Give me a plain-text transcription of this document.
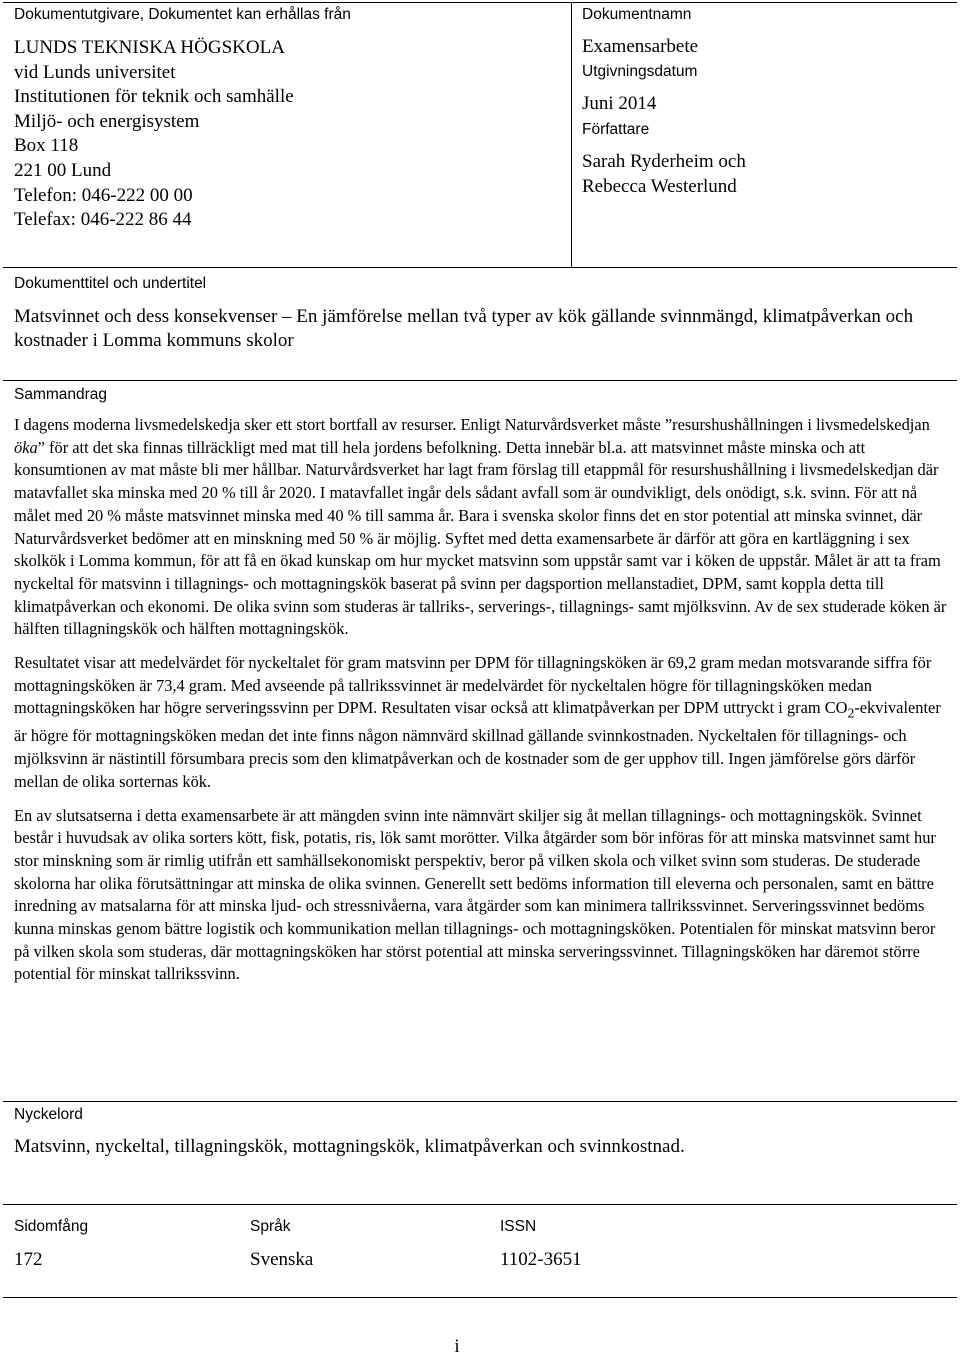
Dokumentutgivare, Dokumentet kan erhållas från
LUNDS TEKNISKA HÖGSKOLA
vid Lunds universitet
Institutionen för teknik och samhälle
Miljö- och energisystem
Box 118
221 00 Lund
Telefon: 046-222 00 00
Telefax: 046-222 86 44
Dokumentnamn
Examensarbete
Utgivningsdatum
Juni 2014
Författare
Sarah Ryderheim och
Rebecca Westerlund
Dokumenttitel och undertitel
Matsvinnet och dess konsekvenser – En jämförelse mellan två typer av kök gällande svinnmängd, klimatpåverkan och kostnader i Lomma kommuns skolor
Sammandrag

I dagens moderna livsmedelskedja sker ett stort bortfall av resurser. Enligt Naturvårdsverket måste ”resurshushållningen i livsmedelskedjan öka” för att det ska finnas tillräckligt med mat till hela jordens befolkning. Detta innebär bl.a. att matsvinnet måste minska och att konsumtionen av mat måste bli mer hållbar. Naturvårdsverket har lagt fram förslag till etappmål för resurshushållning i livsmedelskedjan där matavfallet ska minska med 20 % till år 2020. I matavfallet ingår dels sådant avfall som är oundvikligt, dels onödigt, s.k. svinn. För att nå målet med 20 % måste matsvinnet minska med 40 % till samma år. Bara i svenska skolor finns det en stor potential att minska svinnet, där Naturvårdsverket bedömer att en minskning med 50 % är möjlig. Syftet med detta examensarbete är därför att göra en kartläggning i sex skolkök i Lomma kommun, för att få en ökad kunskap om hur mycket matsvinn som uppstår samt var i köken de uppstår. Målet är att ta fram nyckeltal för matsvinn i tillagnings- och mottagningskök baserat på svinn per dagsportion mellanstadiet, DPM, samt koppla detta till klimatpåverkan och ekonomi. De olika svinn som studeras är tallriks-, serverings-, tillagnings- samt mjölksvinn. Av de sex studerade köken är hälften tillagningskök och hälften mottagningskök.

Resultatet visar att medelvärdet för nyckeltalet för gram matsvinn per DPM för tillagningsköken är 69,2 gram medan motsvarande siffra för mottagningsköken är 73,4 gram. Med avseende på tallrikssvinnet är medelvärdet för nyckeltalen högre för tillagningsköken medan mottagningsköken har högre serveringssvinn per DPM. Resultaten visar också att klimatpåverkan per DPM uttryckt i gram $CO_2$-ekvivalenter är högre för mottagningsköken medan det inte finns någon nämnvärd skillnad gällande svinnkostnaden. Nyckeltalen för tillagnings- och mjölksvinn är nästintill försumbara precis som den klimatpåverkan och de kostnader som de ger upphov till. Ingen jämförelse görs därför mellan de olika sorternas kök.

En av slutsatserna i detta examensarbete är att mängden svinn inte nämnvärt skiljer sig åt mellan tillagnings- och mottagningskök. Svinnet består i huvudsak av olika sorters kött, fisk, potatis, ris, lök samt morötter. Vilka åtgärder som bör införas för att minska matsvinnet samt hur stor minskning som är rimlig utifrån ett samhällsekonomiskt perspektiv, beror på vilken skola och vilket svinn som studeras. De studerade skolorna har olika förutsättningar att minska de olika svinnen. Generellt sett bedöms information till eleverna och personalen, samt en bättre inredning av matsalarna för att minska ljud- och stressnivåerna, vara åtgärder som kan minimera tallrikssvinnet. Serveringssvinnet bedöms kunna minskas genom bättre logistik och kommunikation mellan tillagnings- och mottagningsköken. Potentialen för minskat matsvinn beror på vilken skola som studeras, där mottagningsköken har störst potential att minska serveringssvinnet. Tillagningsköken har däremot större potential för minskat tallrikssvinn.

Nyckelord
Matsvinn, nyckeltal, tillagningskök, mottagningskök, klimatpåverkan och svinnkostnad.
Sidomfång
172
Språk
Svenska
ISSN
1102-3651
i
